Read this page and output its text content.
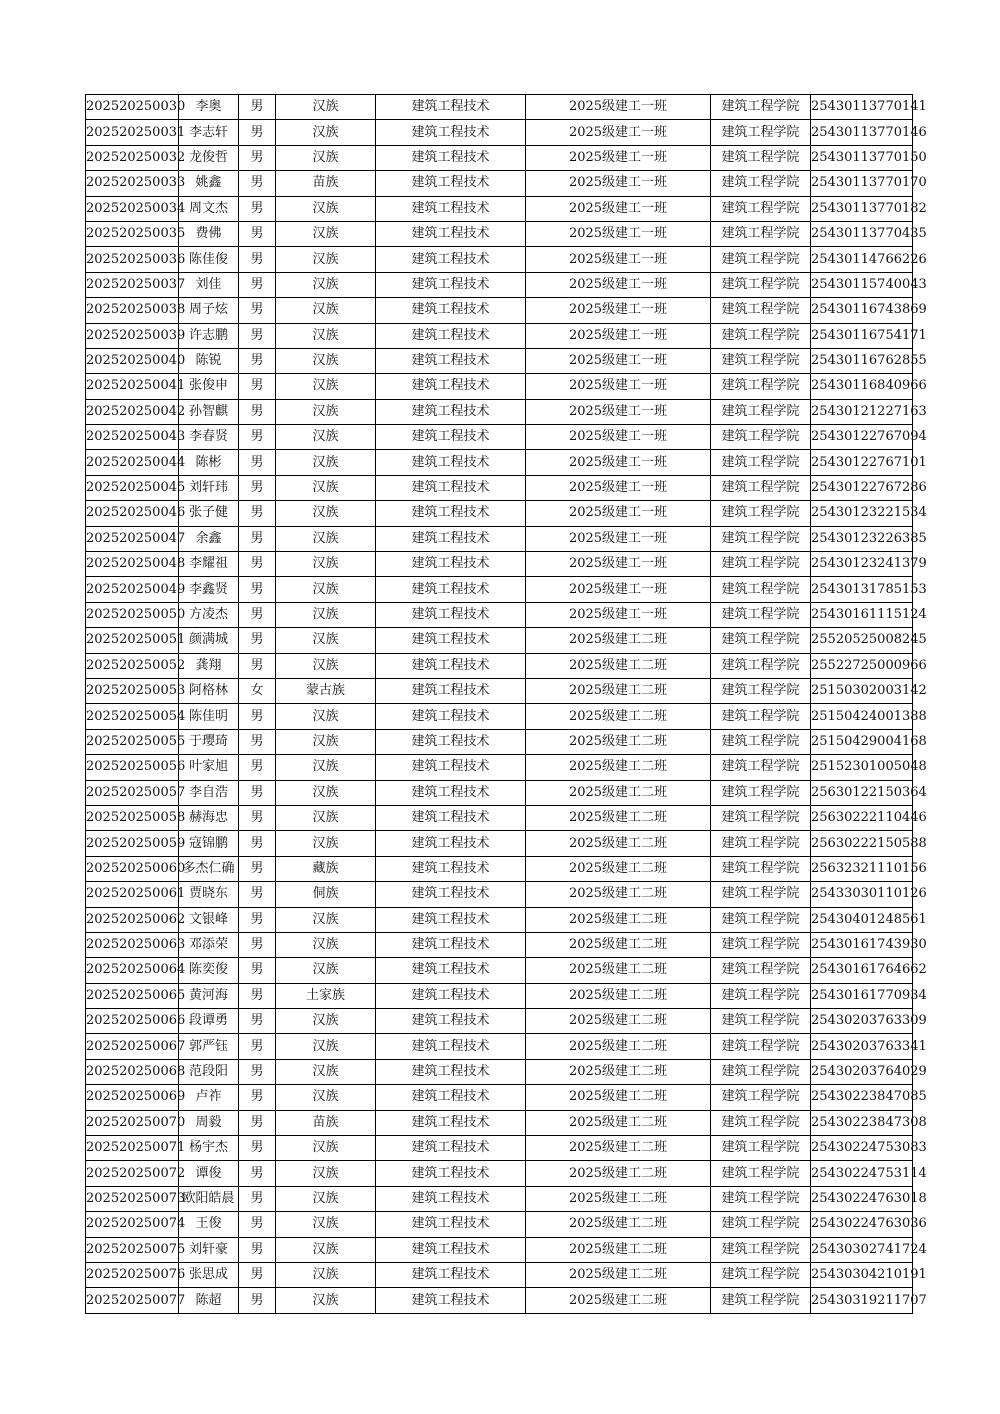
202520250030	李奥	男	汉族	建筑工程技术	2025级建工一班	建筑工程学院	25430113770141
202520250031	李志轩	男	汉族	建筑工程技术	2025级建工一班	建筑工程学院	25430113770146
202520250032	龙俊哲	男	汉族	建筑工程技术	2025级建工一班	建筑工程学院	25430113770150
202520250033	姚鑫	男	苗族	建筑工程技术	2025级建工一班	建筑工程学院	25430113770170
202520250034	周文杰	男	汉族	建筑工程技术	2025级建工一班	建筑工程学院	25430113770182
202520250035	费佛	男	汉族	建筑工程技术	2025级建工一班	建筑工程学院	25430113770435
202520250036	陈佳俊	男	汉族	建筑工程技术	2025级建工一班	建筑工程学院	25430114766226
202520250037	刘佳	男	汉族	建筑工程技术	2025级建工一班	建筑工程学院	25430115740043
202520250038	周子炫	男	汉族	建筑工程技术	2025级建工一班	建筑工程学院	25430116743869
202520250039	许志鹏	男	汉族	建筑工程技术	2025级建工一班	建筑工程学院	25430116754171
202520250040	陈锐	男	汉族	建筑工程技术	2025级建工一班	建筑工程学院	25430116762855
202520250041	张俊申	男	汉族	建筑工程技术	2025级建工一班	建筑工程学院	25430116840966
202520250042	孙智麒	男	汉族	建筑工程技术	2025级建工一班	建筑工程学院	25430121227163
202520250043	李春贤	男	汉族	建筑工程技术	2025级建工一班	建筑工程学院	25430122767094
202520250044	陈彬	男	汉族	建筑工程技术	2025级建工一班	建筑工程学院	25430122767101
202520250045	刘轩玮	男	汉族	建筑工程技术	2025级建工一班	建筑工程学院	25430122767286
202520250046	张子健	男	汉族	建筑工程技术	2025级建工一班	建筑工程学院	25430123221534
202520250047	余鑫	男	汉族	建筑工程技术	2025级建工一班	建筑工程学院	25430123226385
202520250048	李耀祖	男	汉族	建筑工程技术	2025级建工一班	建筑工程学院	25430123241379
202520250049	李鑫贤	男	汉族	建筑工程技术	2025级建工一班	建筑工程学院	25430131785153
202520250050	方凌杰	男	汉族	建筑工程技术	2025级建工一班	建筑工程学院	25430161115124
202520250051	颜满城	男	汉族	建筑工程技术	2025级建工二班	建筑工程学院	25520525008245
202520250052	龚翔	男	汉族	建筑工程技术	2025级建工二班	建筑工程学院	25522725000966
202520250053	阿格林	女	蒙古族	建筑工程技术	2025级建工二班	建筑工程学院	25150302003142
202520250054	陈佳明	男	汉族	建筑工程技术	2025级建工二班	建筑工程学院	25150424001388
202520250055	于璎琦	男	汉族	建筑工程技术	2025级建工二班	建筑工程学院	25150429004168
202520250056	叶家旭	男	汉族	建筑工程技术	2025级建工二班	建筑工程学院	25152301005048
202520250057	李自浩	男	汉族	建筑工程技术	2025级建工二班	建筑工程学院	25630122150364
202520250058	赫海忠	男	汉族	建筑工程技术	2025级建工二班	建筑工程学院	25630222110446
202520250059	寇锦鹏	男	汉族	建筑工程技术	2025级建工二班	建筑工程学院	25630222150588
202520250060	多杰仁确	男	藏族	建筑工程技术	2025级建工二班	建筑工程学院	25632321110156
202520250061	贾晓东	男	侗族	建筑工程技术	2025级建工二班	建筑工程学院	25433030110126
202520250062	文银峰	男	汉族	建筑工程技术	2025级建工二班	建筑工程学院	25430401248561
202520250063	邓添荣	男	汉族	建筑工程技术	2025级建工二班	建筑工程学院	25430161743930
202520250064	陈奕俊	男	汉族	建筑工程技术	2025级建工二班	建筑工程学院	25430161764662
202520250065	黄河海	男	土家族	建筑工程技术	2025级建工二班	建筑工程学院	25430161770934
202520250066	段谭勇	男	汉族	建筑工程技术	2025级建工二班	建筑工程学院	25430203763309
202520250067	郭严钰	男	汉族	建筑工程技术	2025级建工二班	建筑工程学院	25430203763341
202520250068	范段阳	男	汉族	建筑工程技术	2025级建工二班	建筑工程学院	25430203764029
202520250069	卢祚	男	汉族	建筑工程技术	2025级建工二班	建筑工程学院	25430223847085
202520250070	周毅	男	苗族	建筑工程技术	2025级建工二班	建筑工程学院	25430223847308
202520250071	杨宇杰	男	汉族	建筑工程技术	2025级建工二班	建筑工程学院	25430224753083
202520250072	谭俊	男	汉族	建筑工程技术	2025级建工二班	建筑工程学院	25430224753114
202520250073	欧阳皓晨	男	汉族	建筑工程技术	2025级建工二班	建筑工程学院	25430224763018
202520250074	王俊	男	汉族	建筑工程技术	2025级建工二班	建筑工程学院	25430224763036
202520250075	刘轩豪	男	汉族	建筑工程技术	2025级建工二班	建筑工程学院	25430302741724
202520250076	张思成	男	汉族	建筑工程技术	2025级建工二班	建筑工程学院	25430304210191
202520250077	陈超	男	汉族	建筑工程技术	2025级建工二班	建筑工程学院	25430319211707
